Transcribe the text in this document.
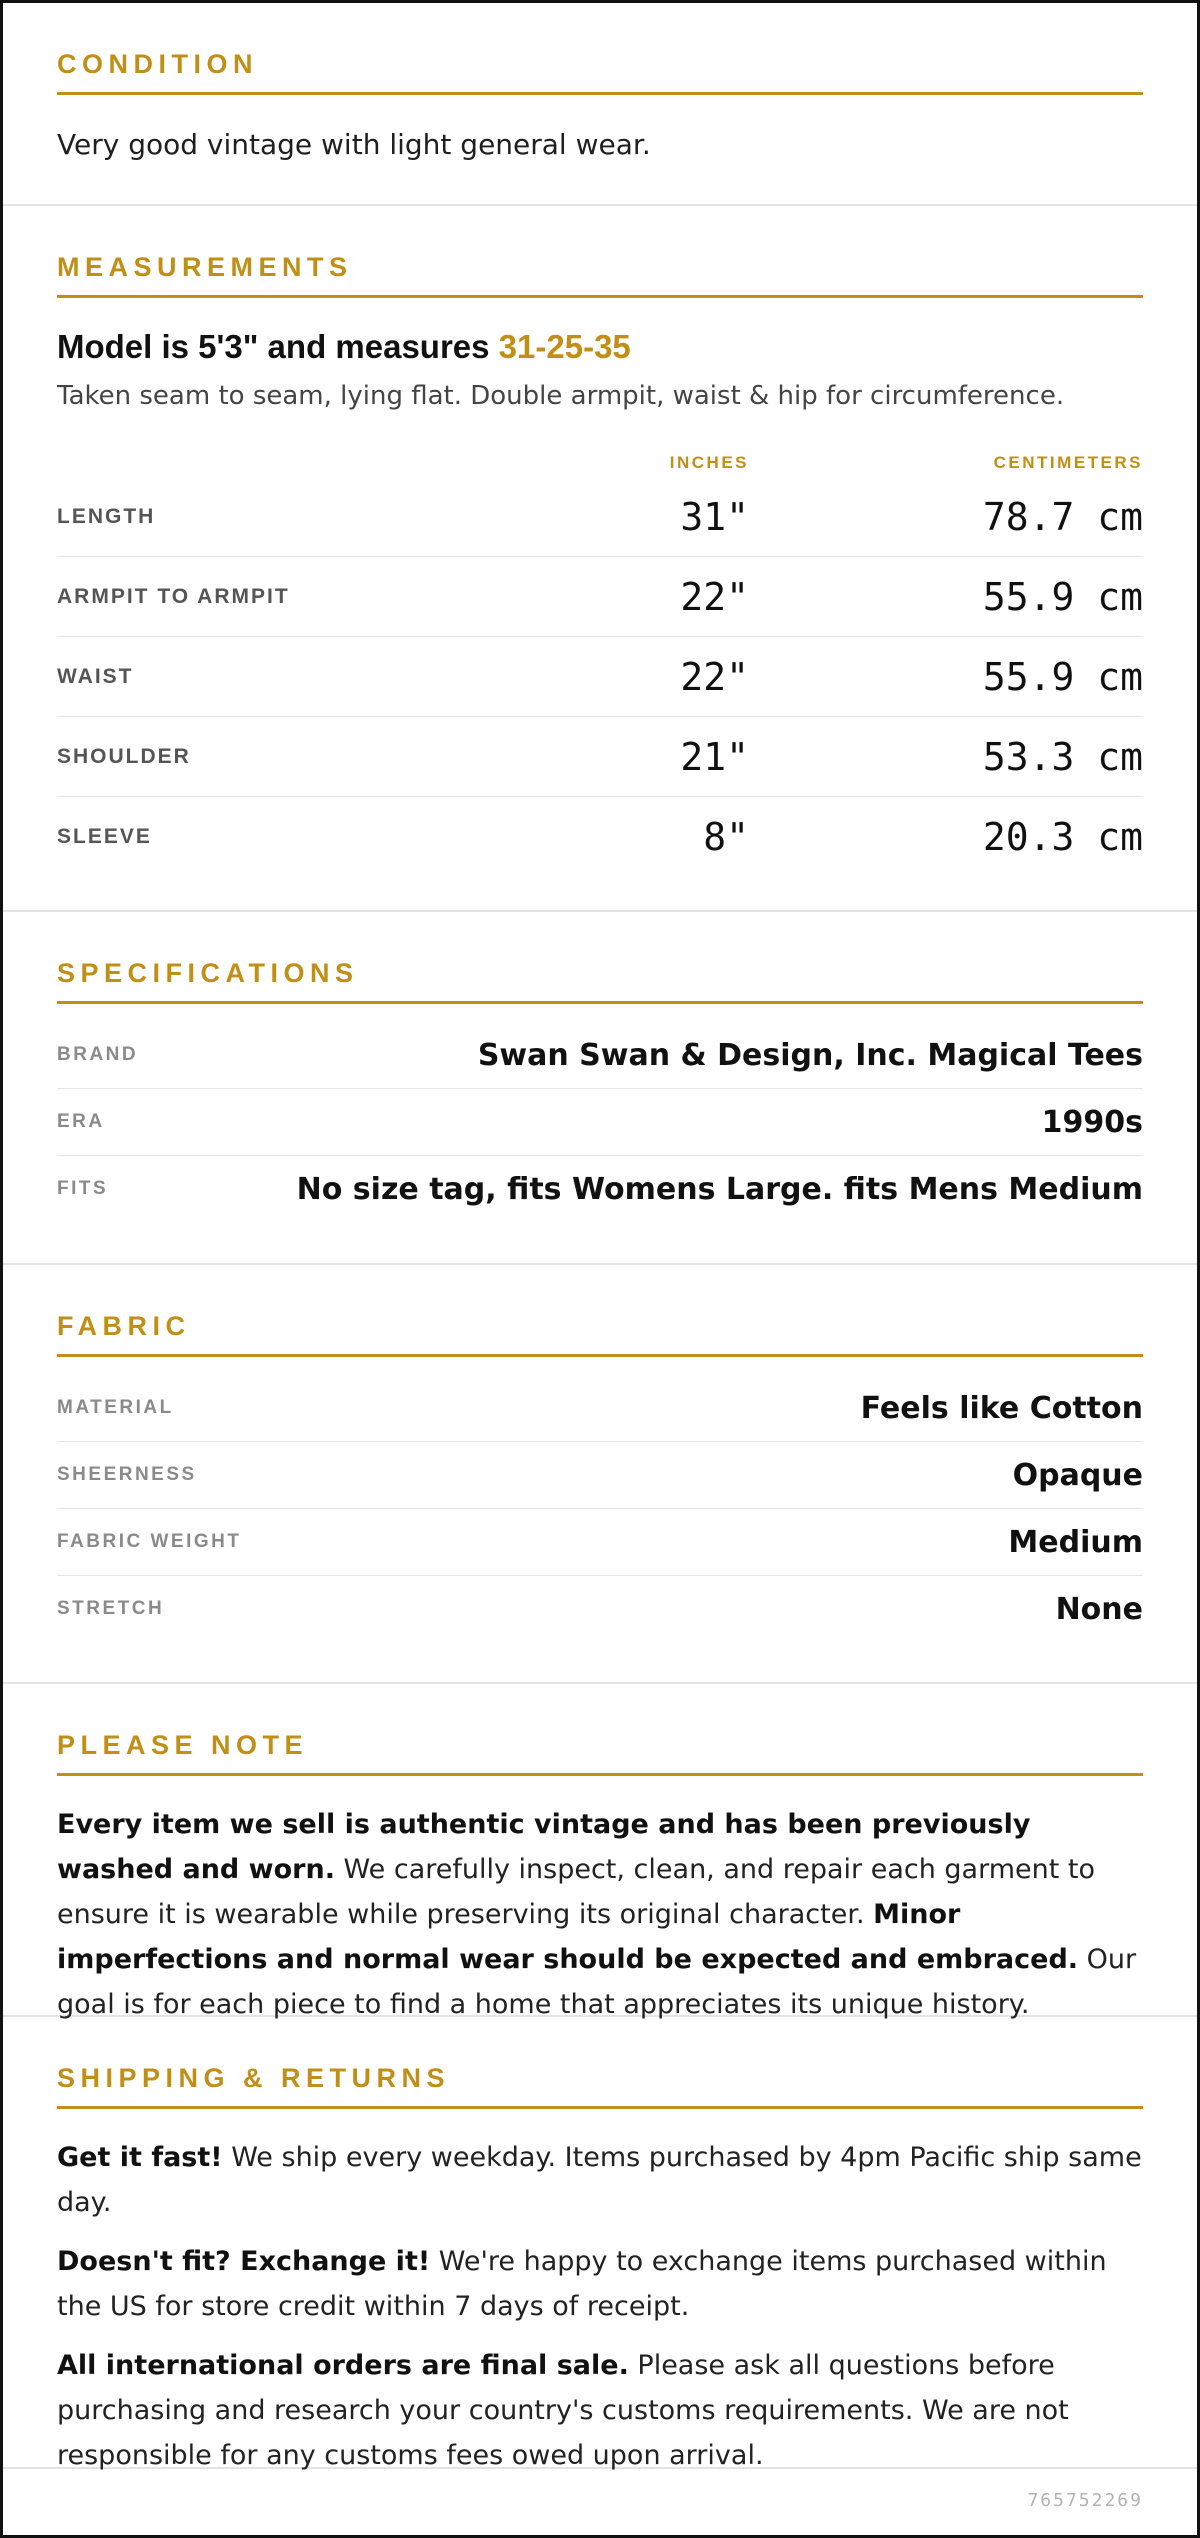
CONDITION
Very good vintage with light general wear.
MEASUREMENTS
Model is 5'3" and measures 31-25-35
Taken seam to seam, lying flat. Double armpit, waist & hip for circumference.
INCHES	CENTIMETERS
LENGTH	31"	78.7 cm
ARMPIT TO ARMPIT	22"	55.9 cm
WAIST	22"	55.9 cm
SHOULDER	21"	53.3 cm
SLEEVE	8"	20.3 cm
SPECIFICATIONS
BRAND	Swan Swan & Design, Inc. Magical Tees
ERA	1990s
FITS	No size tag, fits Womens Large. fits Mens Medium
FABRIC
MATERIAL	Feels like Cotton
SHEERNESS	Opaque
FABRIC WEIGHT	Medium
STRETCH	None
PLEASE NOTE
Every item we sell is authentic vintage and has been previously washed and worn. We carefully inspect, clean, and repair each garment to ensure it is wearable while preserving its original character. Minor imperfections and normal wear should be expected and embraced. Our goal is for each piece to find a home that appreciates its unique history.
SHIPPING & RETURNS
Get it fast! We ship every weekday. Items purchased by 4pm Pacific ship same day.
Doesn't fit? Exchange it! We're happy to exchange items purchased within the US for store credit within 7 days of receipt.
All international orders are final sale. Please ask all questions before purchasing and research your country's customs requirements. We are not responsible for any customs fees owed upon arrival.
765752269
